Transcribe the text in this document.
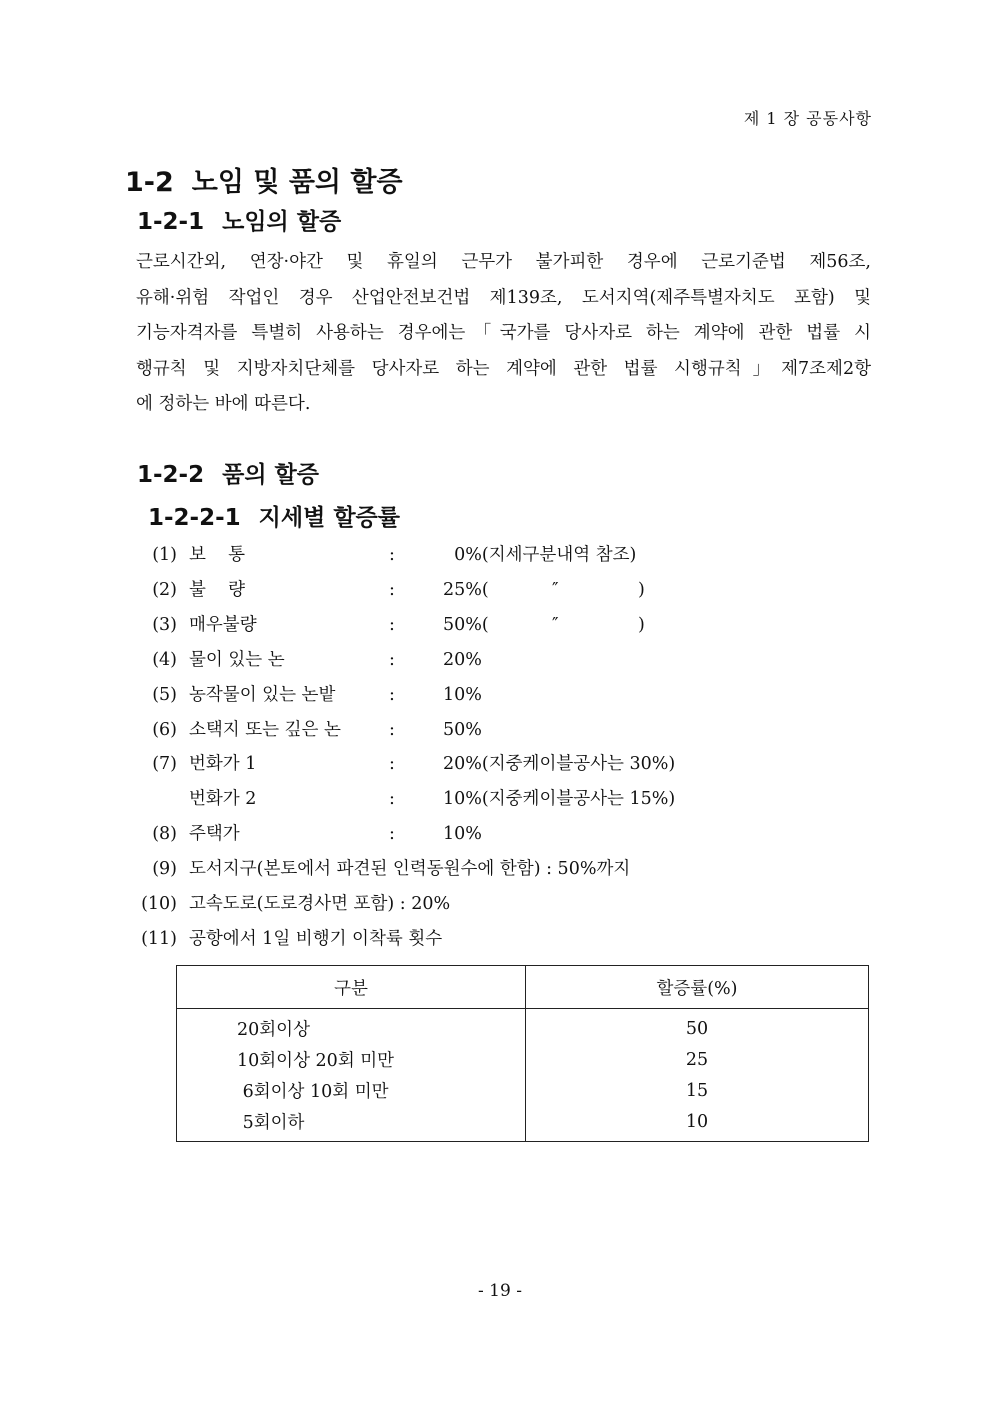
제 1 장 공동사항
1-2 노임 및 품의 할증
1-2-1 노임의 할증
근로시간외, 연장·야간 및 휴일의 근무가 불가피한 경우에 근로기준법 제56조,
유해·위험 작업인 경우 산업안전보건법 제139조, 도서지역(제주특별자치도 포함) 및
기능자격자를 특별히 사용하는 경우에는「국가를 당사자로 하는 계약에 관한 법률 시
행규칙 및 지방자치단체를 당사자로 하는 계약에 관한 법률 시행규칙」제7조제2항
에 정하는 바에 따른다.
1-2-2 품의 할증
1-2-2-1 지세별 할증률
(1) 보    통	:	0%(지세구분내역 참조)
(2) 불    량	:	25%(	″	)
(3) 매우불량	:	50%(	″	)
(4) 물이 있는 논	:	20%
(5) 농작물이 있는 논밭	:	10%
(6) 소택지 또는 깊은 논	:	50%
(7) 번화가 1	:	20%(지중케이블공사는 30%)
번화가 2	:	10%(지중케이블공사는 15%)
(8) 주택가	:	10%
(9) 도서지구(본토에서 파견된 인력동원수에 한함) : 50%까지
(10) 고속도로(도로경사면 포함) : 20%
(11) 공항에서 1일 비행기 이착륙 횟수
구분	할증률(%)
20회이상	50
10회이상 20회 미만	25
6회이상 10회 미만	15
5회이하	10
- 19 -
